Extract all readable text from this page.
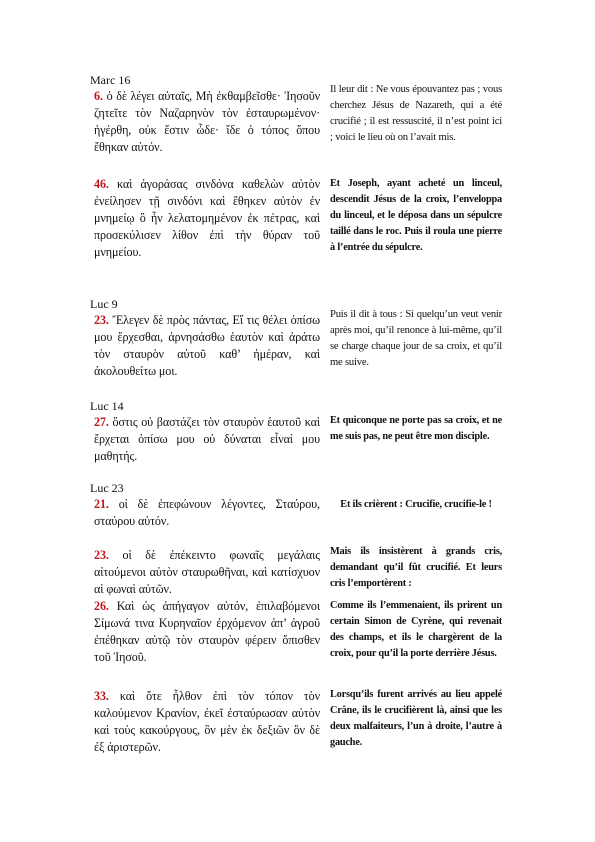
Marc 16
Luc 9
Luc 14
Luc 23
6. ὁ δὲ λέγει αὐταῖς, Μὴ ἐκθαμβεῖσθε· Ἰησοῦν ζητεῖτε τὸν Ναζαρηνὸν τὸν ἐσταυρωμένον· ἠγέρθη, οὐκ ἔστιν ὧδε· ἴδε ὁ τόπος ὅπου ἔθηκαν αὐτόν.
Il leur dit : Ne vous épouvantez pas ; vous cherchez Jésus de Nazareth, qui a été crucifié ; il est ressuscité, il n’est point ici ; voici le lieu où on l’avait mis.
46. καὶ ἀγοράσας σινδόνα καθελὼν αὐτὸν ἐνείλησεν τῇ σινδόνι καὶ ἔθηκεν αὐτὸν ἐν μνημείῳ ὃ ἦν λελατομημένον ἐκ πέτρας, καὶ προσεκύλισεν λίθον ἐπὶ τὴν θύραν τοῦ μνημείου.
Et Joseph, ayant acheté un linceul, descendit Jésus de la croix, l’enveloppa du linceul, et le déposa dans un sépulcre taillé dans le roc. Puis il roula une pierre à l’entrée du sépulcre.
23. Ἔλεγεν δὲ πρὸς πάντας, Εἴ τις θέλει ὀπίσω μου ἔρχεσθαι, ἀρνησάσθω ἑαυτὸν καὶ ἀράτω τὸν σταυρὸν αὐτοῦ καθ’ ἡμέραν, καὶ ἀκολουθείτω μοι.
Puis il dit à tous : Si quelqu’un veut venir après moi, qu’il renonce à lui-même, qu’il se charge chaque jour de sa croix, et qu’il me suive.
27. ὅστις οὐ βαστάζει τὸν σταυρὸν ἑαυτοῦ καὶ ἔρχεται ὀπίσω μου οὐ δύναται εἶναί μου μαθητής.
Et quiconque ne porte pas sa croix, et ne me suis pas, ne peut être mon disciple.
21. οἱ δὲ ἐπεφώνουν λέγοντες, Σταύρου, σταύρου αὐτόν.
Et ils crièrent : Crucifie, crucifie-le !
23. οἱ δὲ ἐπέκειντο φωναῖς μεγάλαις αἰτούμενοι αὐτὸν σταυρωθῆναι, καὶ κατίσχυον αἱ φωναὶ αὐτῶν.
Mais ils insistèrent à grands cris, demandant qu’il fût crucifié. Et leurs cris l’emportèrent :
26. Καὶ ὡς ἀπήγαγον αὐτόν, ἐπιλαβόμενοι Σίμωνά τινα Κυρηναῖον ἐρχόμενον ἀπ’ ἀγροῦ ἐπέθηκαν αὐτῷ τὸν σταυρὸν φέρειν ὄπισθεν τοῦ Ἰησοῦ.
Comme ils l’emmenaient, ils prirent un certain Simon de Cyrène, qui revenait des champs, et ils le chargèrent de la croix, pour qu’il la porte derrière Jésus.
33. καὶ ὅτε ἦλθον ἐπὶ τὸν τόπον τὸν καλούμενον Κρανίον, ἐκεῖ ἐσταύρωσαν αὐτὸν καὶ τοὺς κακούργους, ὃν μὲν ἐκ δεξιῶν ὃν δὲ ἐξ ἀριστερῶν.
Lorsqu’ils furent arrivés au lieu appelé Crâne, ils le crucifièrent là, ainsi que les deux malfaiteurs, l’un à droite, l’autre à gauche.
